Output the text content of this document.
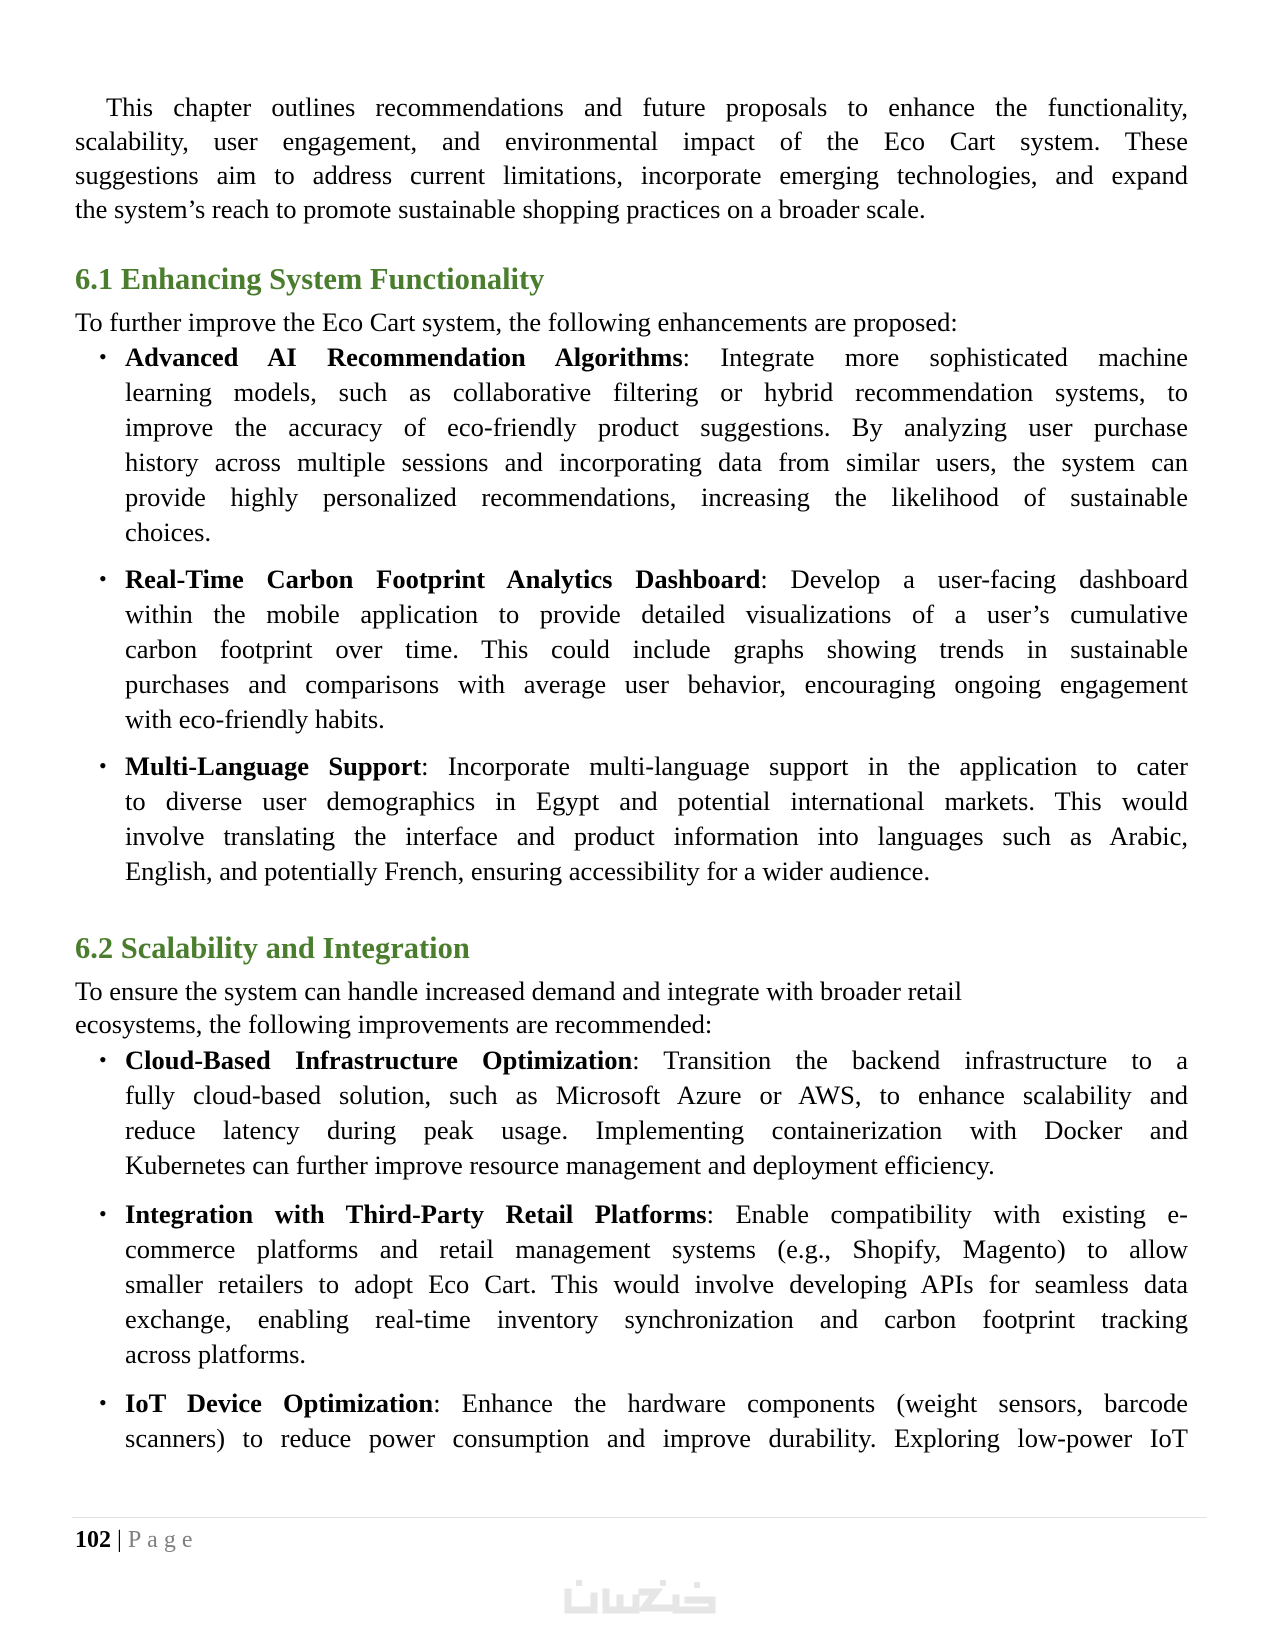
This chapter outlines recommendations and future proposals to enhance the functionality,
scalability, user engagement, and environmental impact of the Eco Cart system. These
suggestions aim to address current limitations, incorporate emerging technologies, and expand
the system’s reach to promote sustainable shopping practices on a broader scale.
6.1 Enhancing System Functionality
To further improve the Eco Cart system, the following enhancements are proposed:
• Advanced AI Recommendation Algorithms: Integrate more sophisticated machine
learning models, such as collaborative filtering or hybrid recommendation systems, to
improve the accuracy of eco-friendly product suggestions. By analyzing user purchase
history across multiple sessions and incorporating data from similar users, the system can
provide highly personalized recommendations, increasing the likelihood of sustainable
choices.
• Real-Time Carbon Footprint Analytics Dashboard: Develop a user-facing dashboard
within the mobile application to provide detailed visualizations of a user’s cumulative
carbon footprint over time. This could include graphs showing trends in sustainable
purchases and comparisons with average user behavior, encouraging ongoing engagement
with eco-friendly habits.
• Multi-Language Support: Incorporate multi-language support in the application to cater
to diverse user demographics in Egypt and potential international markets. This would
involve translating the interface and product information into languages such as Arabic,
English, and potentially French, ensuring accessibility for a wider audience.
6.2 Scalability and Integration
To ensure the system can handle increased demand and integrate with broader retail
ecosystems, the following improvements are recommended:
• Cloud-Based Infrastructure Optimization: Transition the backend infrastructure to a
fully cloud-based solution, such as Microsoft Azure or AWS, to enhance scalability and
reduce latency during peak usage. Implementing containerization with Docker and
Kubernetes can further improve resource management and deployment efficiency.
• Integration with Third-Party Retail Platforms: Enable compatibility with existing e-
commerce platforms and retail management systems (e.g., Shopify, Magento) to allow
smaller retailers to adopt Eco Cart. This would involve developing APIs for seamless data
exchange, enabling real-time inventory synchronization and carbon footprint tracking
across platforms.
• IoT Device Optimization: Enhance the hardware components (weight sensors, barcode
scanners) to reduce power consumption and improve durability. Exploring low-power IoT
102 | Page
